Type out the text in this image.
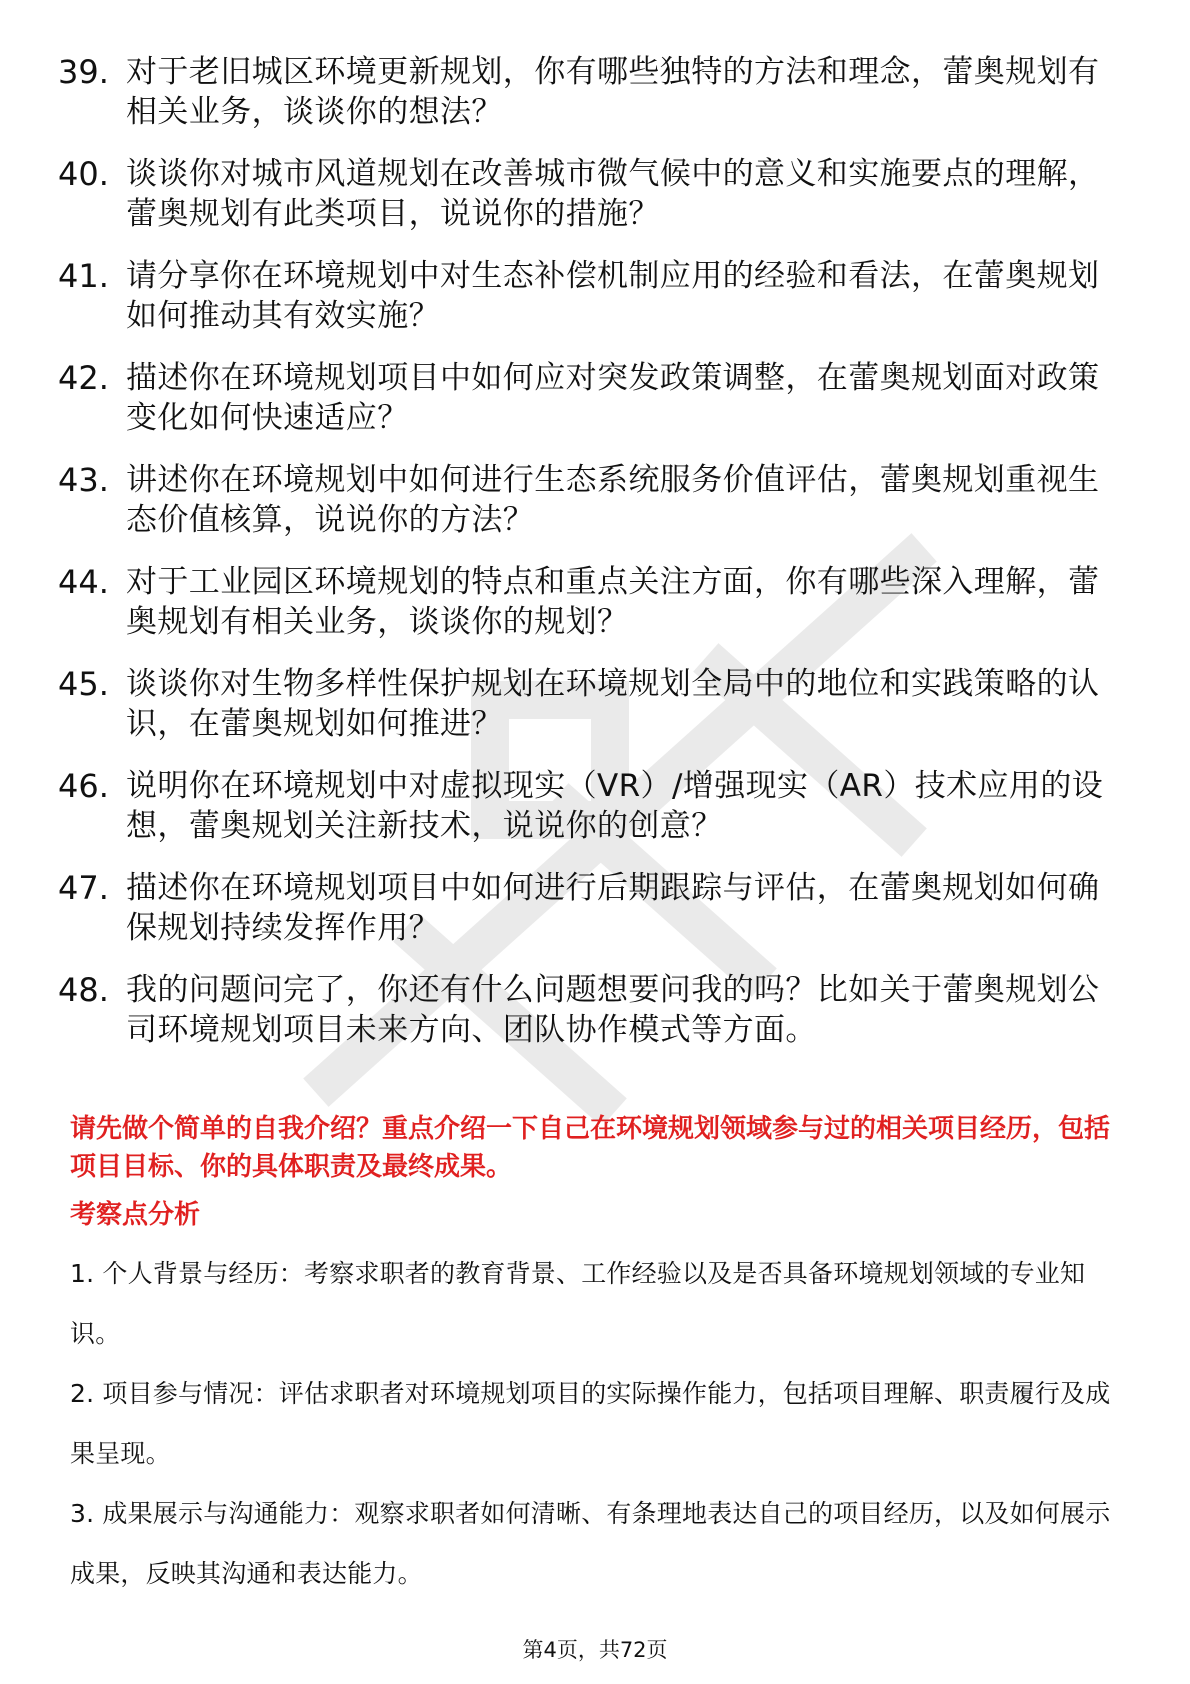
39. 对于老旧城区环境更新规划，你有哪些独特的方法和理念，蕾奥规划有相关业务，谈谈你的想法？
40. 谈谈你对城市风道规划在改善城市微气候中的意义和实施要点的理解，蕾奥规划有此类项目，说说你的措施？
41. 请分享你在环境规划中对生态补偿机制应用的经验和看法，在蕾奥规划如何推动其有效实施？
42. 描述你在环境规划项目中如何应对突发政策调整，在蕾奥规划面对政策变化如何快速适应？
43. 讲述你在环境规划中如何进行生态系统服务价值评估，蕾奥规划重视生态价值核算，说说你的方法？
44. 对于工业园区环境规划的特点和重点关注方面，你有哪些深入理解，蕾奥规划有相关业务，谈谈你的规划？
45. 谈谈你对生物多样性保护规划在环境规划全局中的地位和实践策略的认识，在蕾奥规划如何推进？
46. 说明你在环境规划中对虚拟现实（VR）/增强现实（AR）技术应用的设想，蕾奥规划关注新技术，说说你的创意？
47. 描述你在环境规划项目中如何进行后期跟踪与评估，在蕾奥规划如何确保规划持续发挥作用？
48. 我的问题问完了，你还有什么问题想要问我的吗？比如关于蕾奥规划公司环境规划项目未来方向、团队协作模式等方面。
请先做个简单的自我介绍？重点介绍一下自己在环境规划领域参与过的相关项目经历，包括项目目标、你的具体职责及最终成果。
考察点分析
1. 个人背景与经历：考察求职者的教育背景、工作经验以及是否具备环境规划领域的专业知识。
2. 项目参与情况：评估求职者对环境规划项目的实际操作能力，包括项目理解、职责履行及成果呈现。
3. 成果展示与沟通能力：观察求职者如何清晰、有条理地表达自己的项目经历，以及如何展示成果，反映其沟通和表达能力。
第4页，共72页
